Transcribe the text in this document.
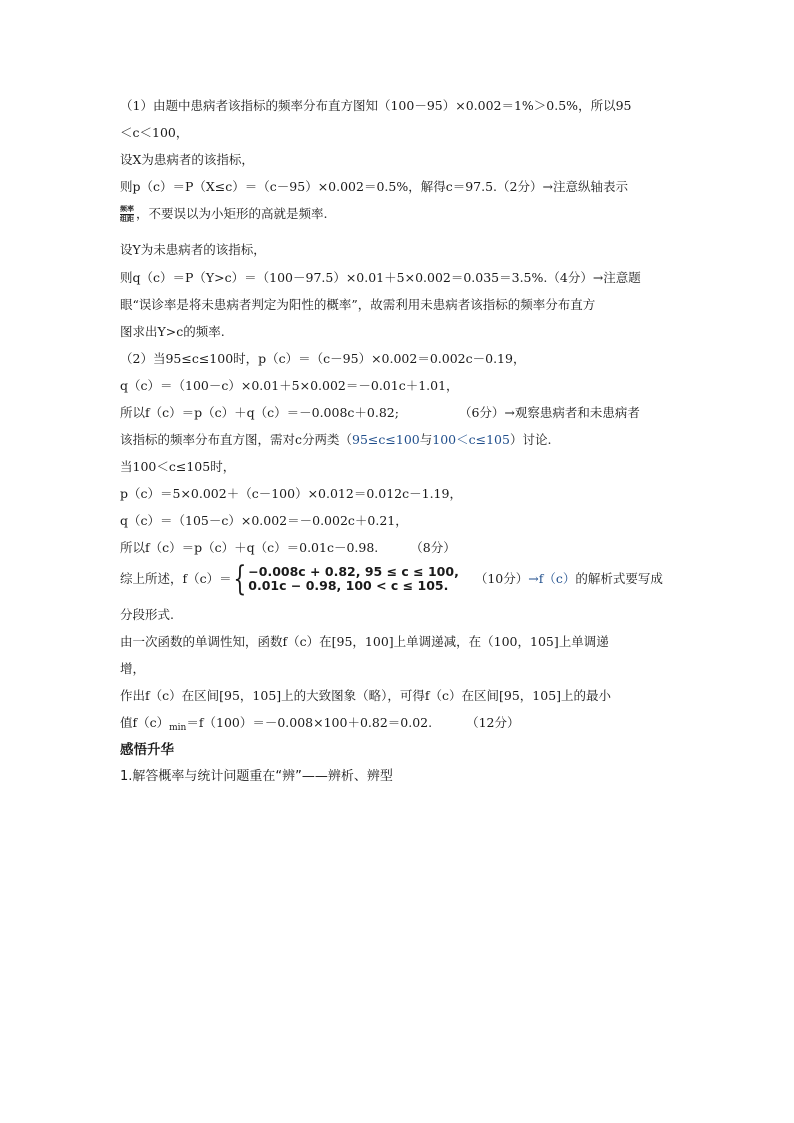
（1）由题中患病者该指标的频率分布直方图知（100－95）×0.002＝1%＞0.5%，所以95
＜c＜100，
设X为患病者的该指标，
则p（c）＝P（X≤c）＝（c－95）×0.002＝0.5%，解得c＝97.5.（2分）→注意纵轴表示
$\frac{\text{频率}}{\text{组距}}$ ，不要误以为小矩形的高就是频率.
设Y为未患病者的该指标，
则q（c）＝P（Y>c）＝（100－97.5）×0.01＋5×0.002＝0.035＝3.5%.（4分）→注意题
眼“误诊率是将未患病者判定为阳性的概率”，故需利用未患病者该指标的频率分布直方
图求出Y>c的频率.
（2）当95≤c≤100时，p（c）＝（c－95）×0.002＝0.002c－0.19，
q（c）＝（100－c）×0.01＋5×0.002＝－0.01c＋1.01，
所以f（c）＝p（c）＋q（c）＝－0.008c＋0.82;	（6分）→观察患病者和未患病者
该指标的频率分布直方图，需对c分两类（95≤c≤100与100＜c≤105）讨论.
当100＜c≤105时，
p（c）＝5×0.002＋（c－100）×0.012＝0.012c－1.19，
q（c）＝（105－c）×0.002＝－0.002c＋0.21，
所以f（c）＝p（c）＋q（c）＝0.01c－0.98.	（8分）
综上所述，f（c）＝ { −0.008c + 0.82, 95 ≤ c ≤ 100,
0.01c − 0.98, 100 < c ≤ 105.	（10分） →f（c） 的解析式要写成
分段形式.
由一次函数的单调性知，函数f（c）在[95，100]上单调递减，在（100，105]上单调递
增，
作出f（c）在区间[95，105]上的大致图象（略），可得f（c）在区间[95，105]上的最小
值$f(c)_{min}=f(100)=-0.008\times 100+0.82=0.02$.	（12分）
感悟升华
1.解答概率与统计问题重在“辨”——辨析、辨型
